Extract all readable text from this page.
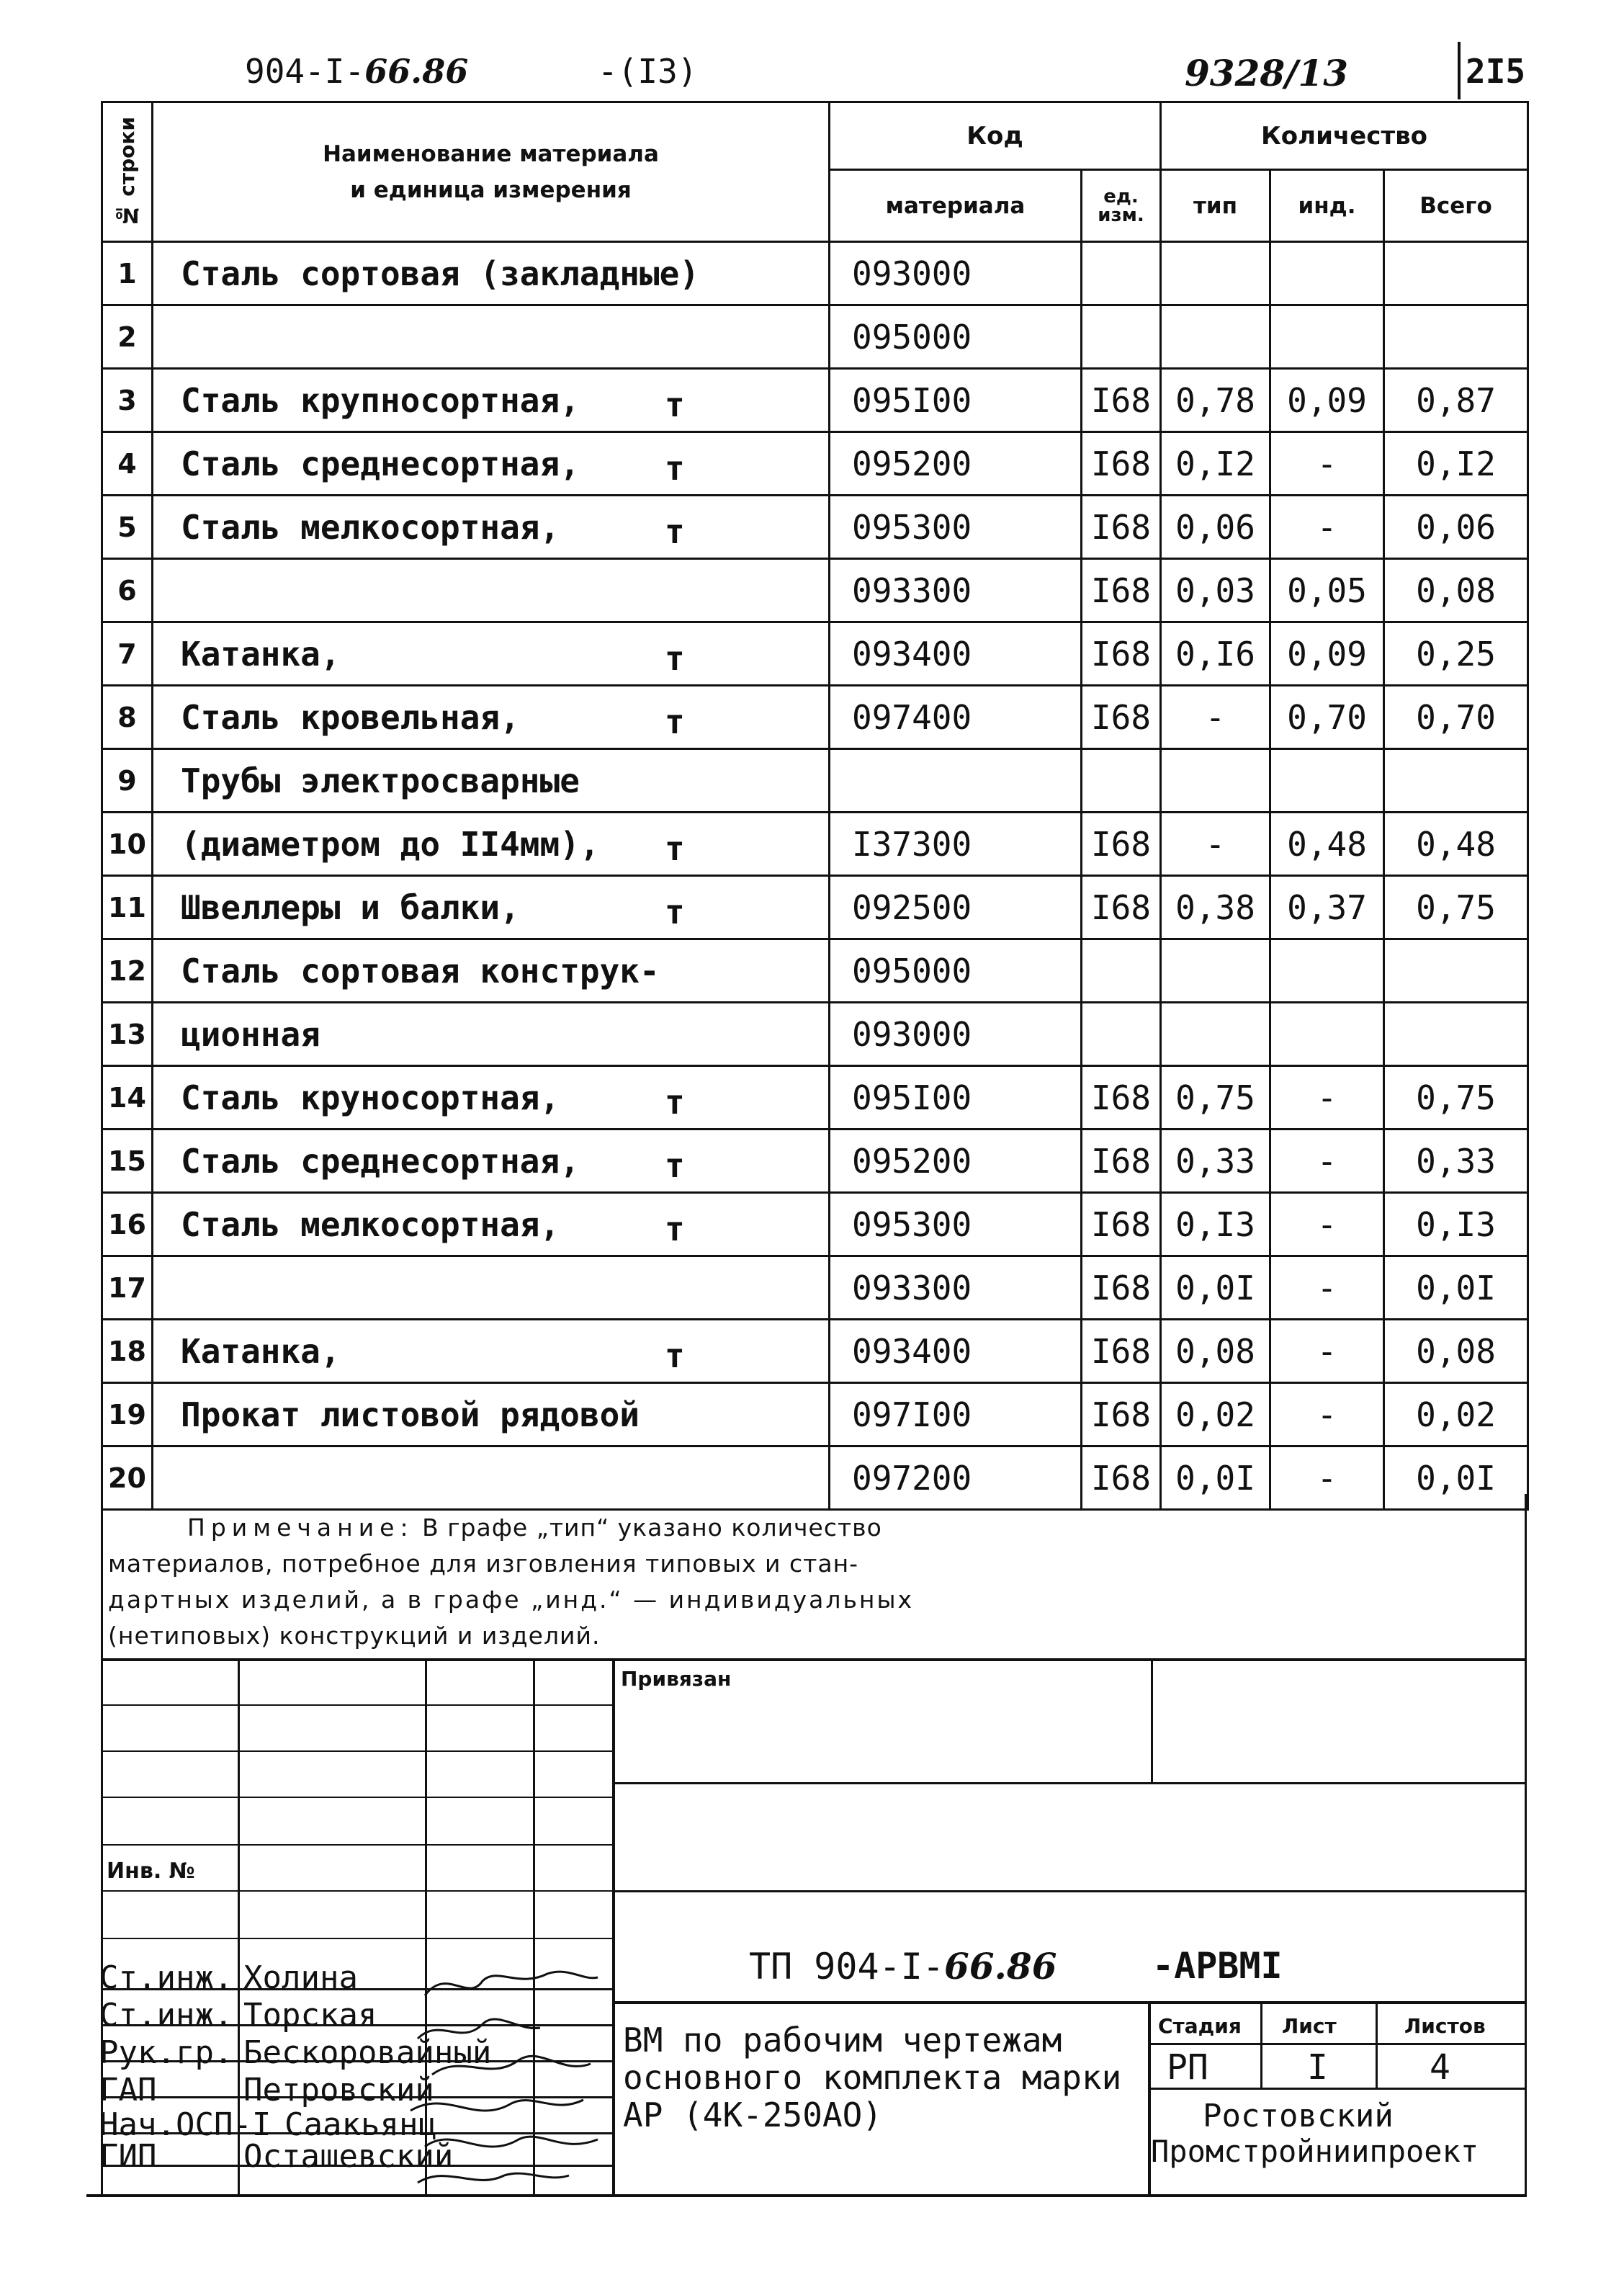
904-I-66.86	-(I3)	9328/13	2I5
№ строки	Наименование материала
и единица измерения	Код		Количество		
		материала	ед. изм.	тип	инд.	Всего
1	Сталь сортовая (закладные)	093000				
2		095000				
3	Сталь крупносортная, т	095I00	I68	0,78	0,09	0,87
4	Сталь среднесортная, т	095200	I68	0,I2	-	0,I2
5	Сталь мелкосортная, т	095300	I68	0,06	-	0,06
6		093300	I68	0,03	0,05	0,08
7	Катанка, т	093400	I68	0,I6	0,09	0,25
8	Сталь кровельная, т	097400	I68	-	0,70	0,70
9	Трубы электросварные

10	(диаметром до II4мм), т	I37300	I68	-	0,48	0,48
11	Швеллеры и балки, т	092500	I68	0,38	0,37	0,75
12	Сталь сортовая конструк-	095000				
13	ционная	093000				
14	Сталь круносортная, т	095I00	I68	0,75	-	0,75
15	Сталь среднесортная, т	095200	I68	0,33	-	0,33
16	Сталь мелкосортная, т	095300	I68	0,I3	-	0,I3
17		093300	I68	0,0I	-	0,0I
18	Катанка, т	093400	I68	0,08	-	0,08
19	Прокат листовой рядовой	097I00	I68	0,02	-	0,02
20		097200	I68	0,0I	-	0,0I
Примечание: В графе „тип“ указано количество
материалов, потребное для изговления типовых и стан-
дартных изделий, а в графе „инд.“ — индивидуальных
(нетиповых) конструкций и изделий.
Привязан
Инв. №
ТП 904-I-66.86	-АРВМI
ВМ по рабочим чертежам
основного комплекта марки
АР (4К-250АО)
Стадия Лист	Листов
РП	I	4
Ростовский
Промстройниипроект
Ст.инж. Холина
Ст.инж. Торская
Рук.гр. Бескоровайный
ГАП	Петровский
Нач.ОСП-I Саакьянц
ГИП	Осташевский
